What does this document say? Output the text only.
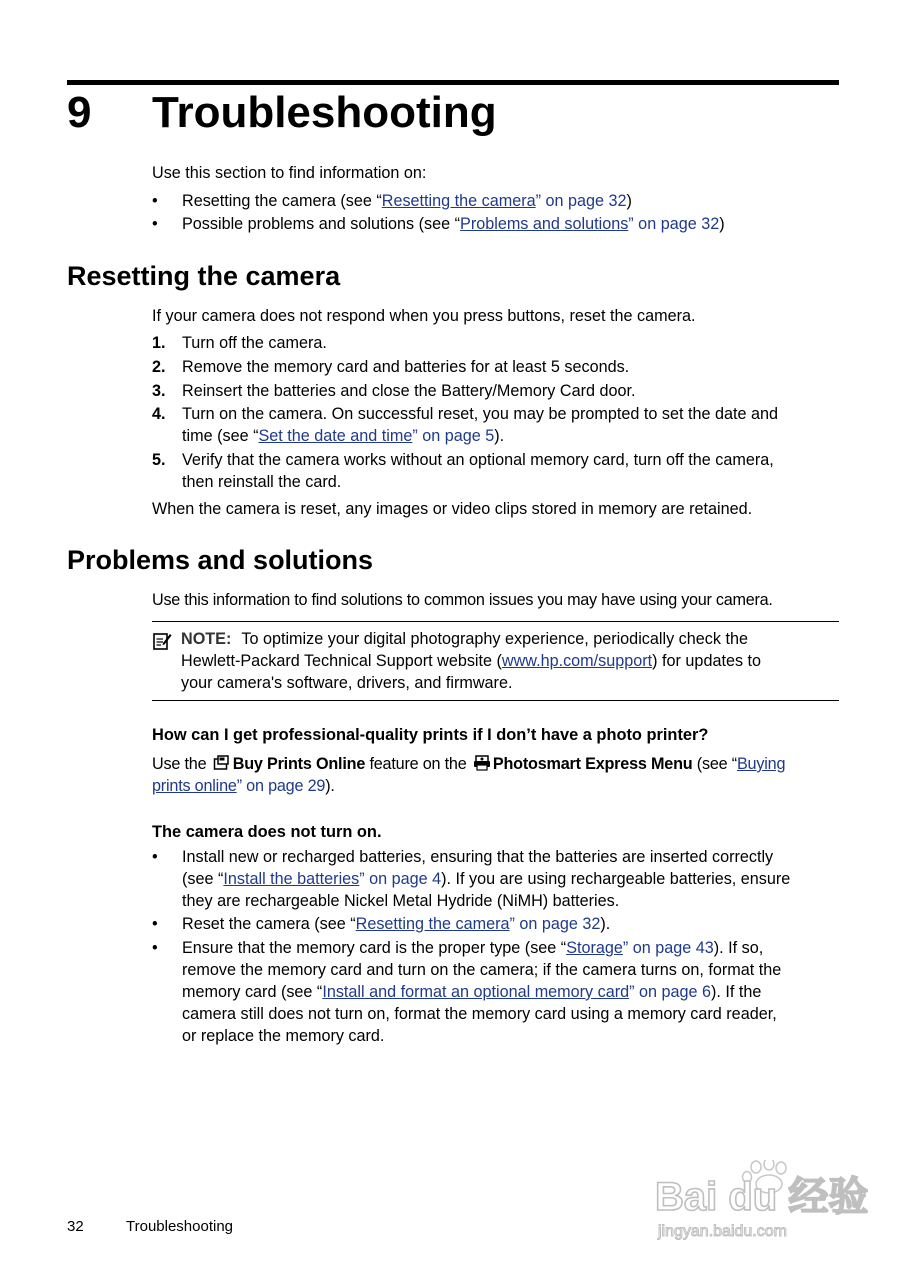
9 Troubleshooting
Use this section to find information on:
• Resetting the camera (see “Resetting the camera” on page 32)
• Possible problems and solutions (see “Problems and solutions” on page 32)
Resetting the camera
If your camera does not respond when you press buttons, reset the camera.
1. Turn off the camera.
2. Remove the memory card and batteries for at least 5 seconds.
3. Reinsert the batteries and close the Battery/Memory Card door.
4. Turn on the camera. On successful reset, you may be prompted to set the date and
time (see “Set the date and time” on page 5).
5. Verify that the camera works without an optional memory card, turn off the camera,
then reinstall the card.
When the camera is reset, any images or video clips stored in memory are retained.
Problems and solutions
Use this information to find solutions to common issues you may have using your camera.
NOTE: To optimize your digital photography experience, periodically check the
Hewlett-Packard Technical Support website (www.hp.com/support) for updates to
your camera's software, drivers, and firmware.
How can I get professional-quality prints if I don’t have a photo printer?
Use the Buy Prints Online feature on the Photosmart Express Menu (see “Buying
prints online” on page 29).
The camera does not turn on.
• Install new or recharged batteries, ensuring that the batteries are inserted correctly
(see “Install the batteries” on page 4). If you are using rechargeable batteries, ensure
they are rechargeable Nickel Metal Hydride (NiMH) batteries.
• Reset the camera (see “Resetting the camera” on page 32).
• Ensure that the memory card is the proper type (see “Storage” on page 43). If so,
remove the memory card and turn on the camera; if the camera turns on, format the
memory card (see “Install and format an optional memory card” on page 6). If the
camera still does not turn on, format the memory card using a memory card reader,
or replace the memory card.
32	Troubleshooting
Bai du 经验
jingyan.baidu.com
